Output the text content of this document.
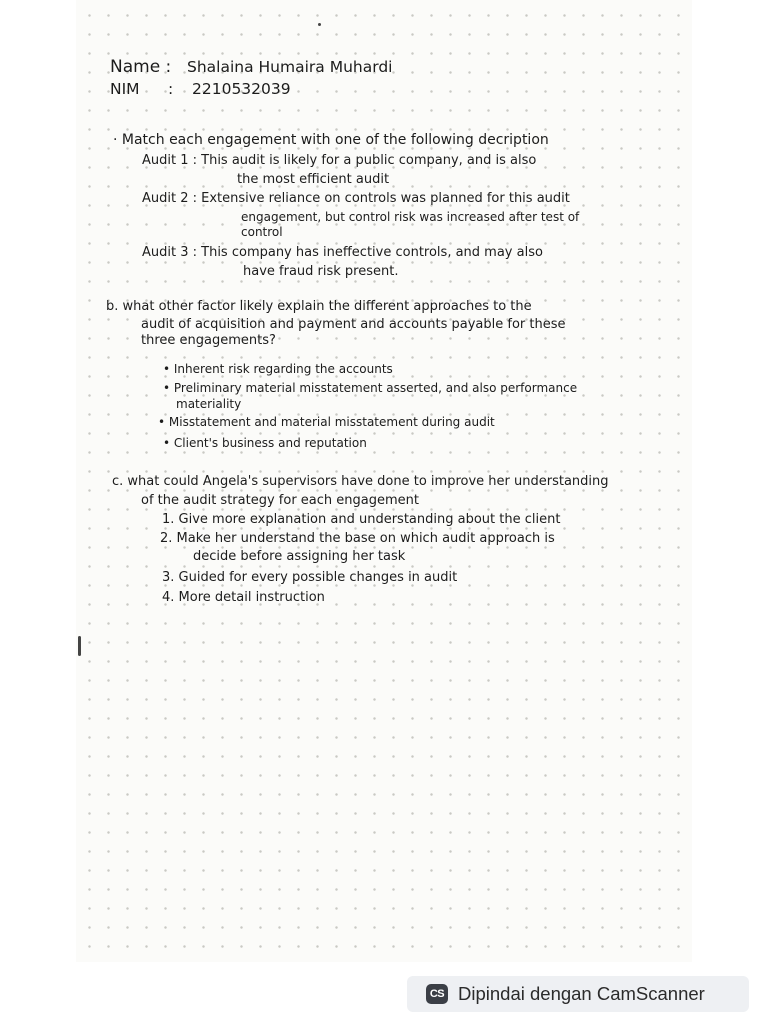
Name : Shalaina Humaira Muhardi
NIM : 2210532039
· Match each engagement with one of the following decription
Audit 1 : This audit is likely for a public company, and is also
the most efficient audit
Audit 2 : Extensive reliance on controls was planned for this audit
engagement, but control risk was increased after test of
control
Audit 3 : This company has ineffective controls, and may also
have fraud risk present.
b. what other factor likely explain the different approaches to the
audit of acquisition and payment and accounts payable for these
three engagements?
• Inherent risk regarding the accounts
• Preliminary material misstatement asserted, and also performance
materiality
• Misstatement and material misstatement during audit
• Client's business and reputation
c. what could Angela's supervisors have done to improve her understanding
of the audit strategy for each engagement
1. Give more explanation and understanding about the client
2. Make her understand the base on which audit approach is
decide before assigning her task
3. Guided for every possible changes in audit
4. More detail instruction
CS Dipindai dengan CamScanner
